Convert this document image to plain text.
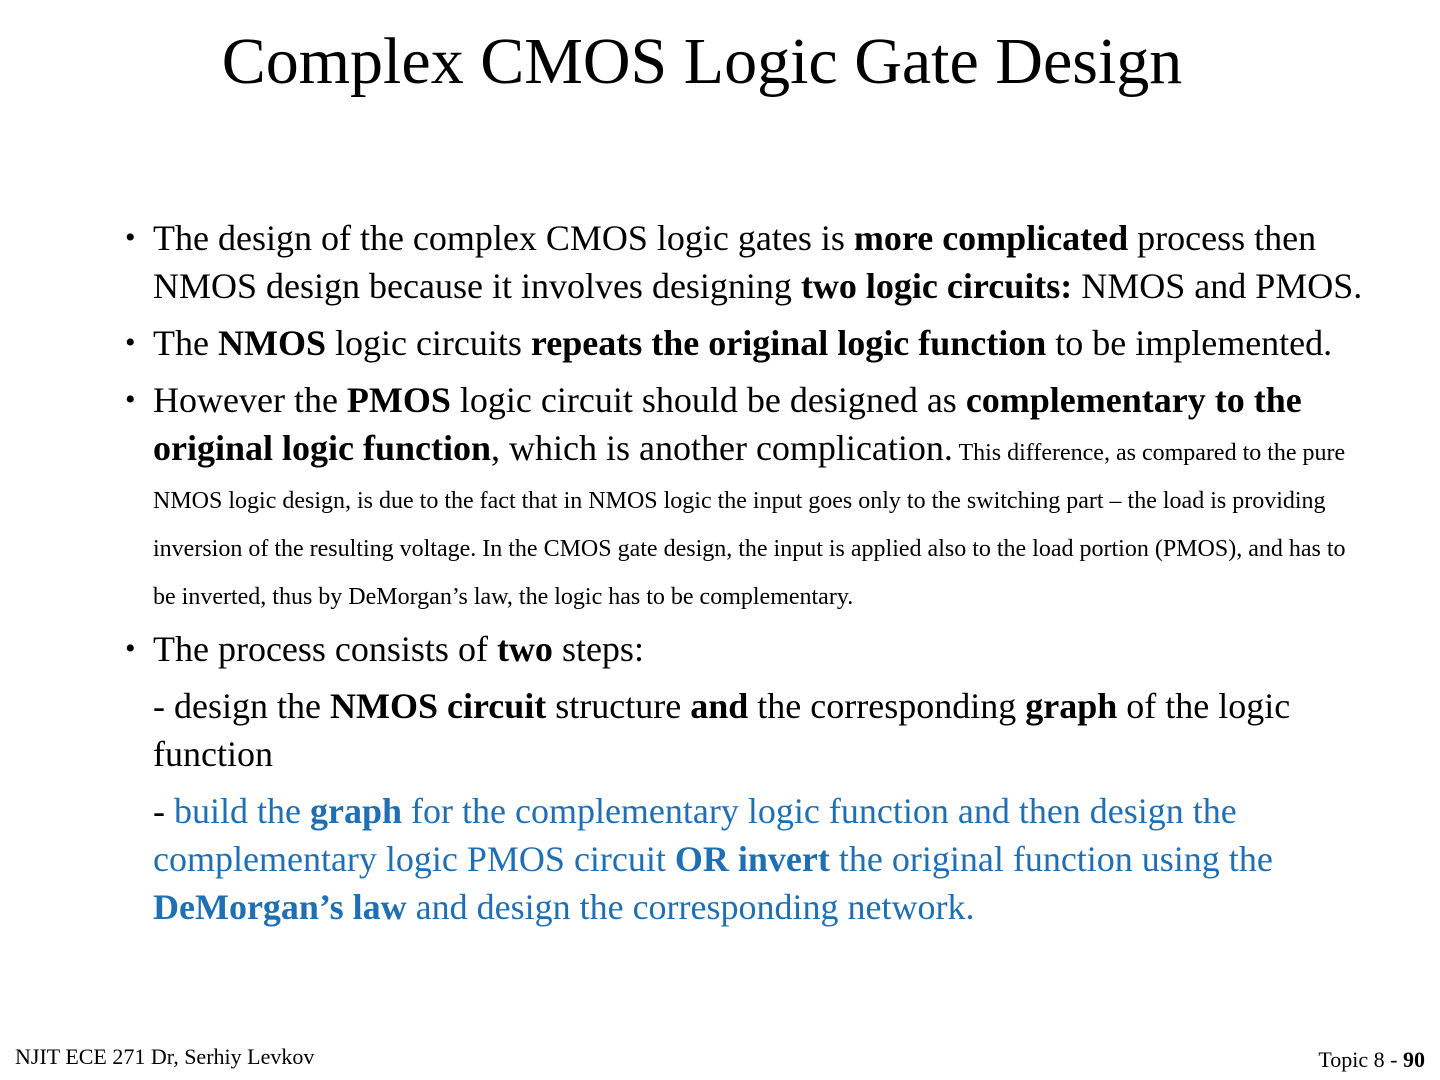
Complex CMOS Logic Gate Design
• The design of the complex CMOS logic gates is more complicated process then NMOS design because it involves designing two logic circuits: NMOS and PMOS.
• The NMOS logic circuits repeats the original logic function to be implemented.
• However the PMOS logic circuit should be designed as complementary to the original logic function, which is another complication. This difference, as compared to the pure NMOS logic design, is due to the fact that in NMOS logic the input goes only to the switching part – the load is providing inversion of the resulting voltage. In the CMOS gate design, the input is applied also to the load portion (PMOS), and has to be inverted, thus by DeMorgan’s law, the logic has to be complementary.
• The process consists of two steps:
- design the NMOS circuit structure and the corresponding graph of the logic function
- build the graph for the complementary logic function and then design the complementary logic PMOS circuit OR invert the original function using the DeMorgan’s law and design the corresponding network.
NJIT ECE 271 Dr, Serhiy Levkov	Topic 8 - 90
